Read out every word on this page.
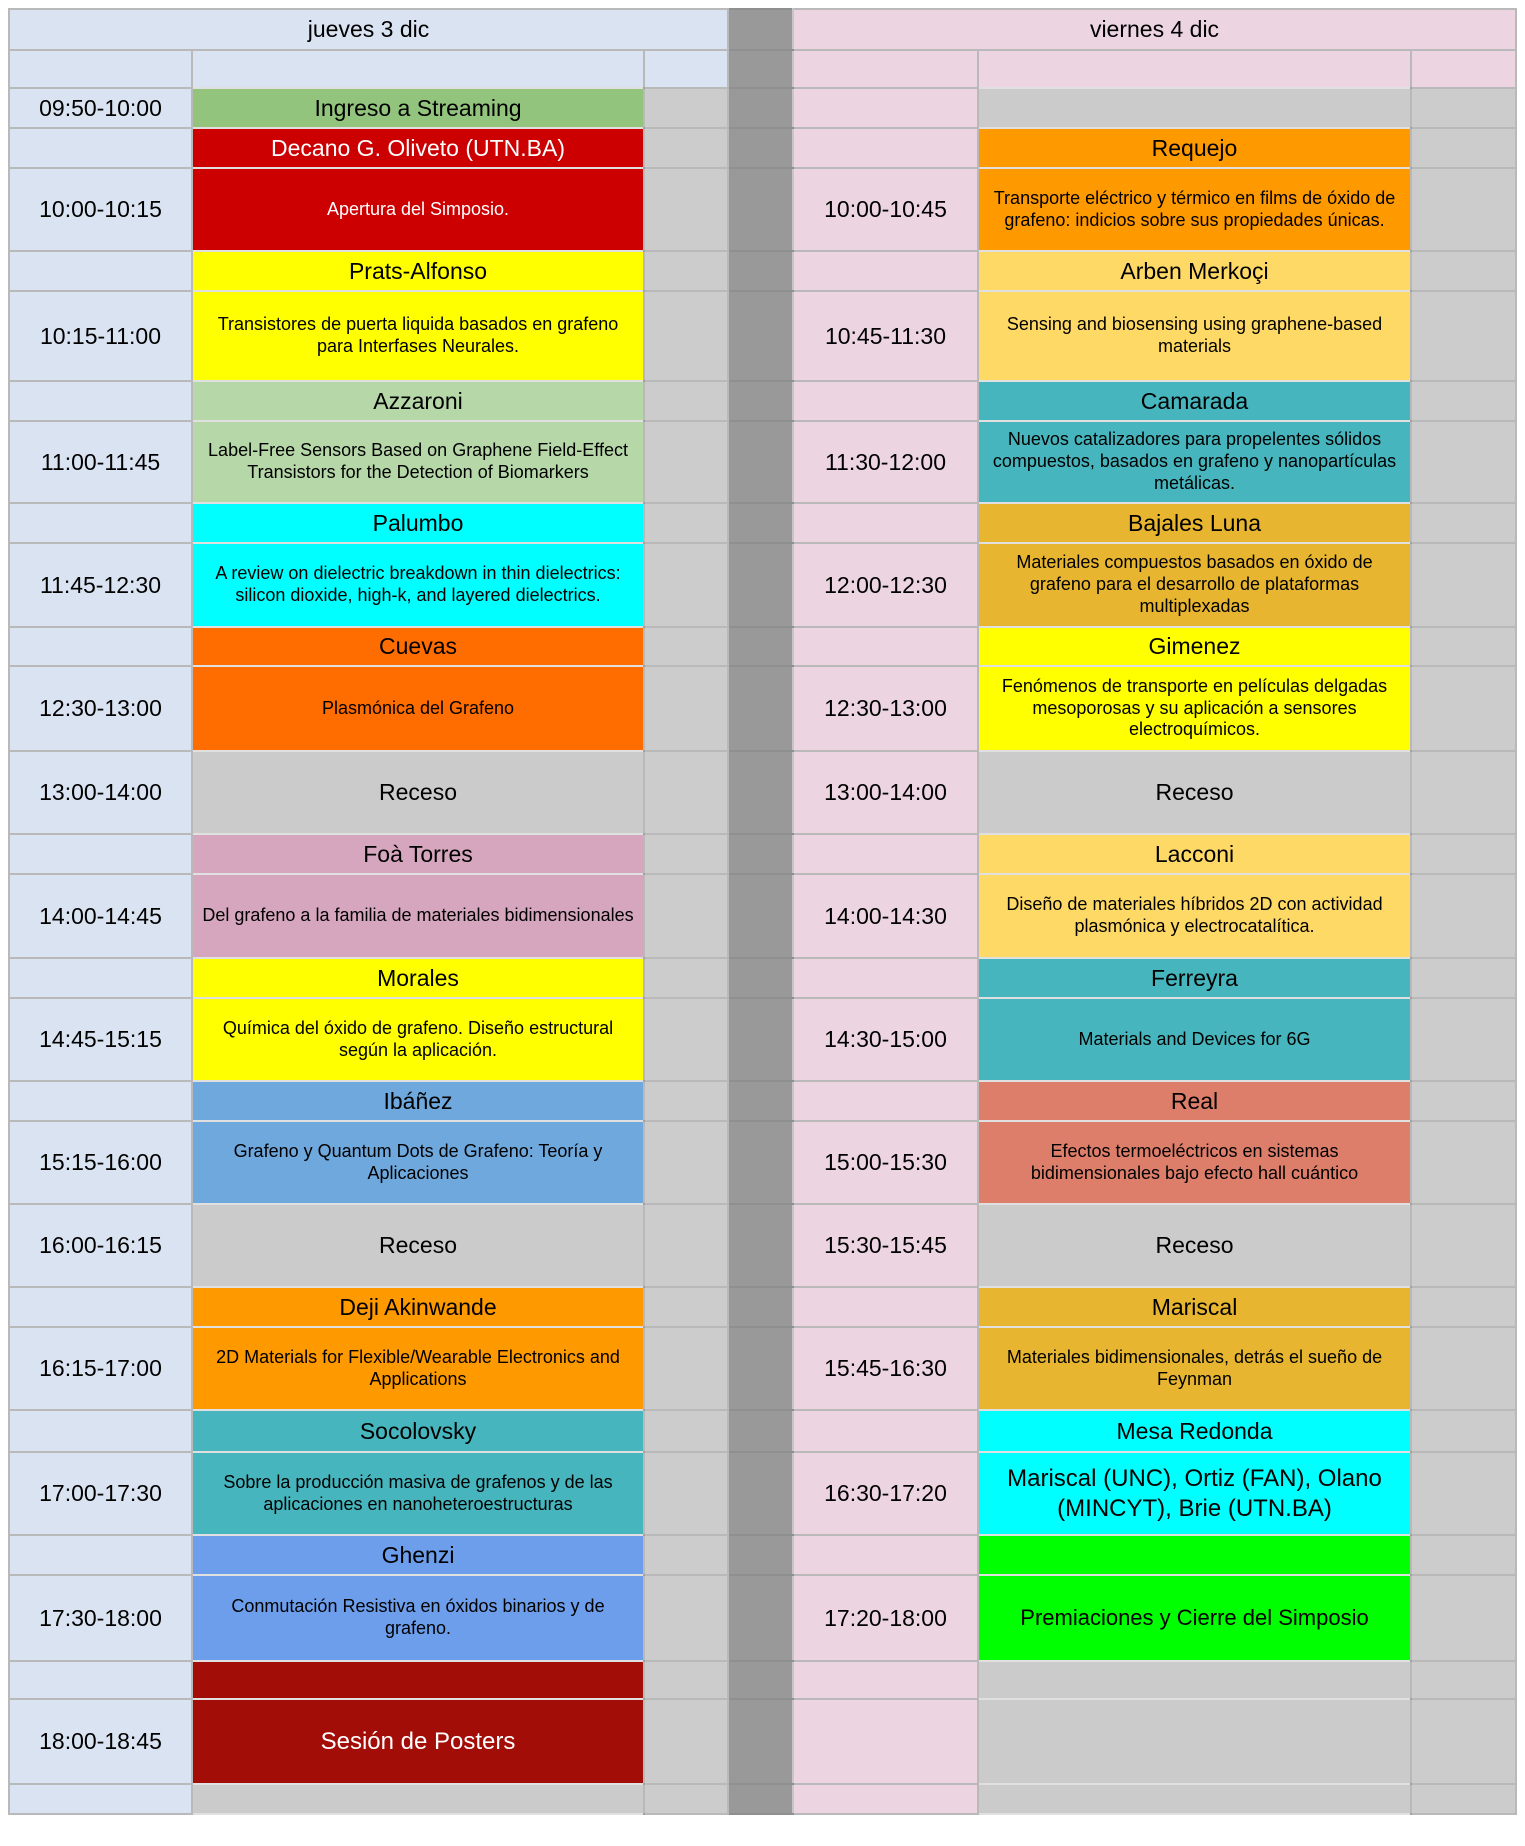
jueves 3 dic				viernes 4 dic		

09:50-10:00	Ingreso a Streaming					
	Decano G. Oliveto (UTN.BA)				Requejo	
10:00-10:15	Apertura del Simposio.			10:00-10:45	Transporte eléctrico y térmico en films de óxido de grafeno: indicios sobre sus propiedades únicas.	
	Prats-Alfonso				Arben Merkoçi	
10:15-11:00	Transistores de puerta liquida basados en grafeno para Interfases Neurales.			10:45-11:30	Sensing and biosensing using graphene-based materials	
	Azzaroni				Camarada	
11:00-11:45	Label-Free Sensors Based on Graphene Field-Effect Transistors for the Detection of Biomarkers			11:30-12:00	Nuevos catalizadores para propelentes sólidos compuestos, basados en grafeno y nanopartículas metálicas.	
	Palumbo				Bajales Luna	
11:45-12:30	A review on dielectric breakdown in thin dielectrics: silicon dioxide, high-k, and layered dielectrics.			12:00-12:30	Materiales compuestos basados en óxido de grafeno para el desarrollo de plataformas multiplexadas	
	Cuevas				Gimenez	
12:30-13:00	Plasmónica del Grafeno			12:30-13:00	Fenómenos de transporte en películas delgadas mesoporosas y su aplicación a sensores electroquímicos.	
13:00-14:00	Receso			13:00-14:00	Receso	
	Foà Torres				Lacconi	
14:00-14:45	Del grafeno a la familia de materiales bidimensionales			14:00-14:30	Diseño de materiales híbridos 2D con actividad plasmónica y electrocatalítica.	
	Morales				Ferreyra	
14:45-15:15	Química del óxido de grafeno. Diseño estructural según la aplicación.			14:30-15:00	Materials and Devices for 6G	
	Ibáñez				Real	
15:15-16:00	Grafeno y Quantum Dots de Grafeno: Teoría y Aplicaciones			15:00-15:30	Efectos termoeléctricos en sistemas bidimensionales bajo efecto hall cuántico	
16:00-16:15	Receso			15:30-15:45	Receso	
	Deji Akinwande				Mariscal	
16:15-17:00	2D Materials for Flexible/Wearable Electronics and Applications			15:45-16:30	Materiales bidimensionales, detrás el sueño de Feynman	
	Socolovsky				Mesa Redonda	
17:00-17:30	Sobre la producción masiva de grafenos y de las aplicaciones en nanoheteroestructuras			16:30-17:20	Mariscal (UNC), Ortiz (FAN), Olano (MINCYT), Brie (UTN.BA)	
	Ghenzi					
17:30-18:00	Conmutación Resistiva en óxidos binarios y de grafeno.			17:20-18:00	Premiaciones y Cierre del Simposio	

18:00-18:45	Sesión de Posters					
